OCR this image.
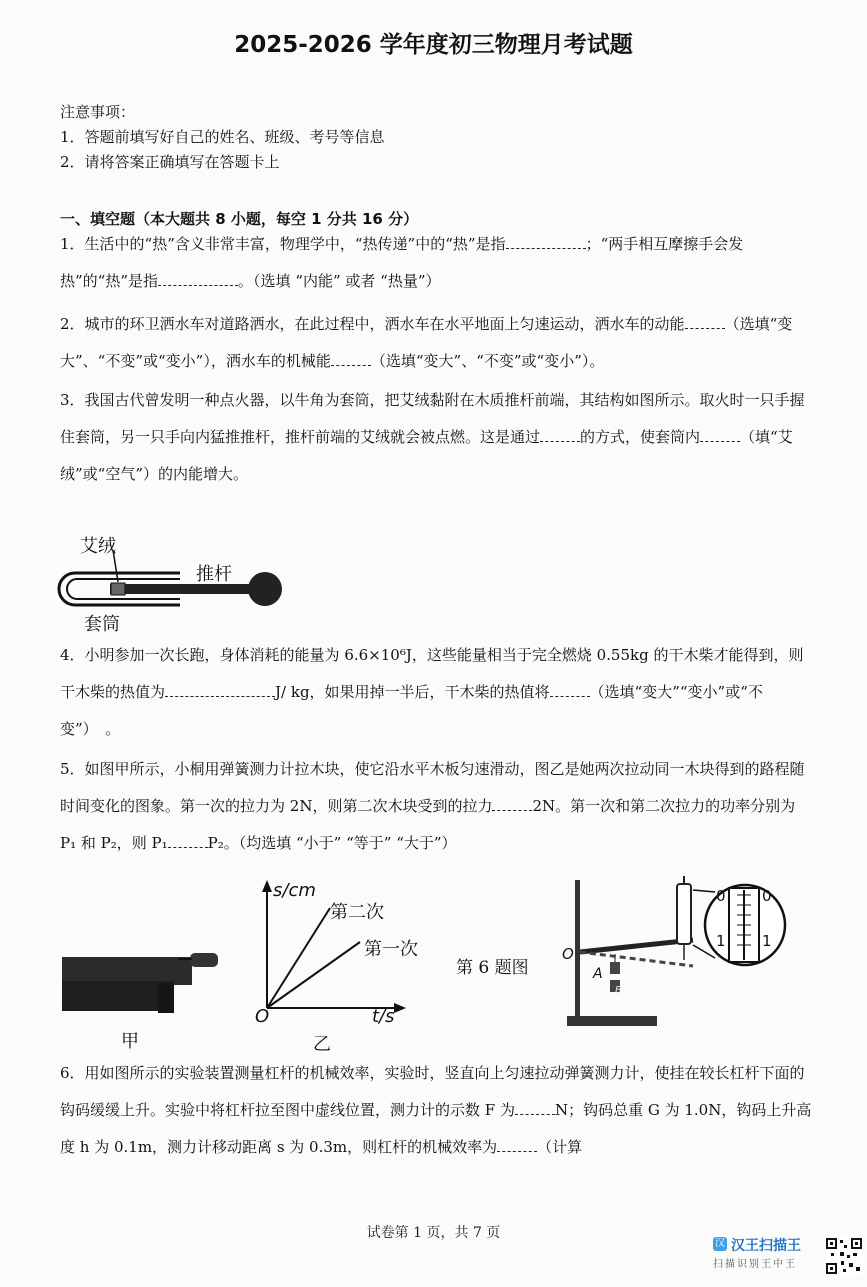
2025-2026 学年度初三物理月考试题
注意事项：
1．答题前填写好自己的姓名、班级、考号等信息
2．请将答案正确填写在答题卡上
一、填空题（本大题共 8 小题，每空 1 分共 16 分）
1．生活中的“热”含义非常丰富，物理学中，“热传递”中的“热”是指	；“两手相互摩擦手会发热”的“热”是指	。（选填 “内能” 或者 “热量”）
2．城市的环卫洒水车对道路洒水，在此过程中，洒水车在水平地面上匀速运动，洒水车的动能	（选填“变大”、“不变”或“变小”），洒水车的机械能	（选填“变大”、“不变”或“变小”）。
3．我国古代曾发明一种点火器，以牛角为套筒，把艾绒黏附在木质推杆前端，其结构如图所示。取火时一只手握住套筒，另一只手向内猛推推杆，推杆前端的艾绒就会被点燃。这是通过	的方式，使套筒内	（填“艾绒”或“空气”）的内能增大。
艾绒
推杆
套筒
4．小明参加一次长跑，身体消耗的能量为 6.6×10⁶J，这些能量相当于完全燃烧 0.55kg 的干木柴才能得到，则干木柴的热值为	J/ kg，如果用掉一半后，干木柴的热值将	（选填“变大”“变小”或“不变”）　。
5．如图甲所示，小桐用弹簧测力计拉木块，使它沿水平木板匀速滑动，图乙是她两次拉动同一木块得到的路程随时间变化的图象。第一次的拉力为 2N，则第二次木块受到的拉力	2N。第一次和第二次拉力的功率分别为 P₁ 和 P₂，则 P₁	P₂。（均选填 “小于” “等于” “大于”）
甲
s/cm
t/s
O
第二次
第一次
乙
第 6 题图
O
A
B
0 0
1 1
6．用如图所示的实验装置测量杠杆的机械效率，实验时，竖直向上匀速拉动弹簧测力计，使挂在较长杠杆下面的钩码缓缓上升。实验中将杠杆拉至图中虚线位置，测力计的示数 F 为	N；钩码总重 G 为 1.0N，钩码上升高度 h 为 0.1m，测力计移动距离 s 为 0.3m，则杠杆的机械效率为	（计算
试卷第 1 页，共 7 页
汉 汉王扫描王
扫描识别王中王
